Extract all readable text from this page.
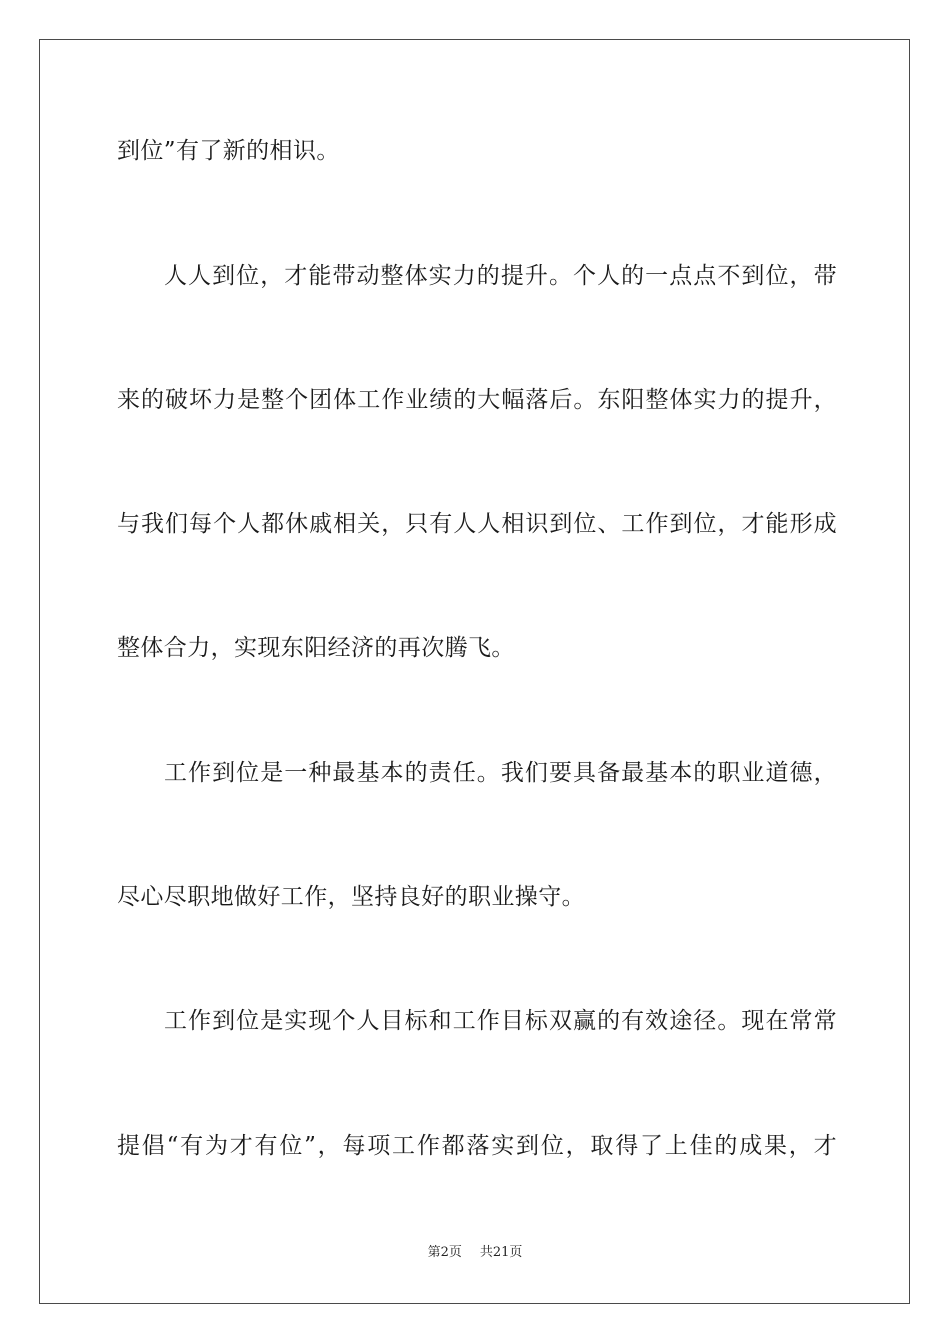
到位”有了新的相识。

人人到位，才能带动整体实力的提升。个人的一点点不到位，带

来的破坏力是整个团体工作业绩的大幅落后。东阳整体实力的提升，

与我们每个人都休戚相关，只有人人相识到位、工作到位，才能形成

整体合力，实现东阳经济的再次腾飞。

工作到位是一种最基本的责任。我们要具备最基本的职业道德，

尽心尽职地做好工作，坚持良好的职业操守。

工作到位是实现个人目标和工作目标双赢的有效途径。现在常常

提倡“有为才有位”，每项工作都落实到位，取得了上佳的成果，才

第2页 共21页
